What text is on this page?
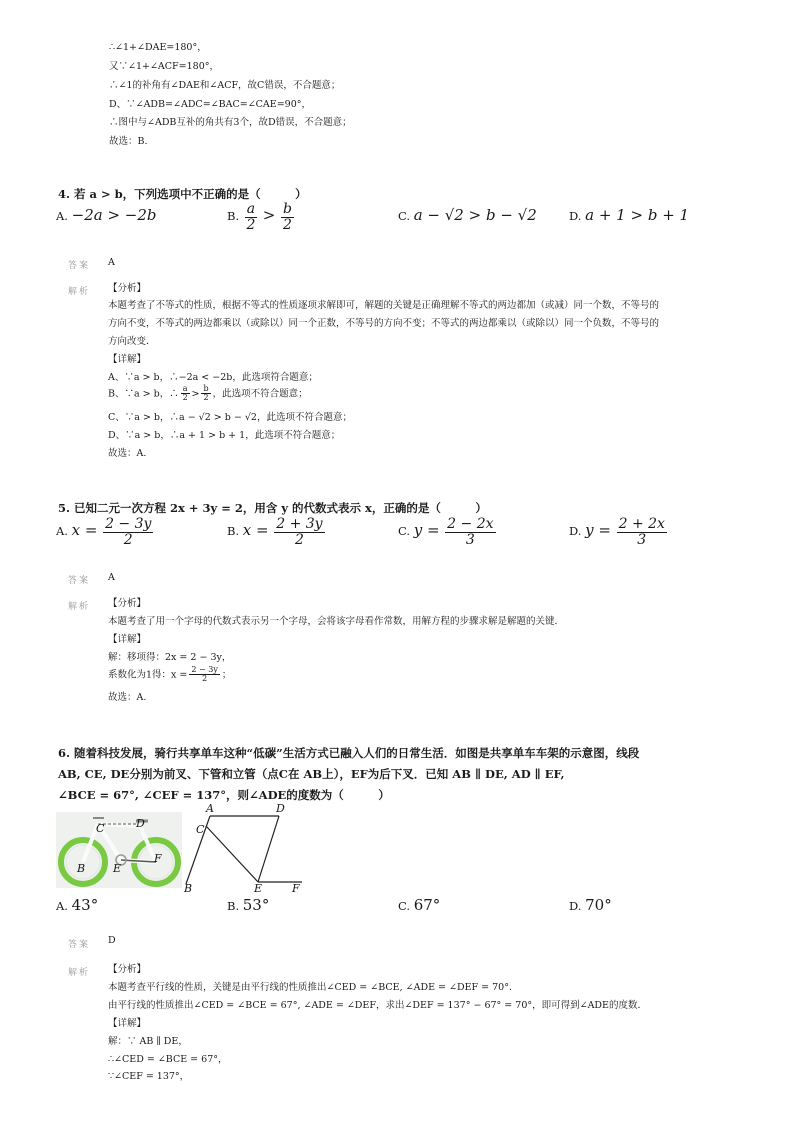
∴∠1+∠DAE=180°，
又∵∠1+∠ACF=180°，
∴∠1的补角有∠DAE和∠ACF，故C错误，不合题意；
D、∵∠ADB=∠ADC=∠BAC=∠CAE=90°，
∴图中与∠ADB互补的角共有3个，故D错误，不合题意；
故选：B.
4. 若 a > b，下列选项中不正确的是（　　　）
A. −2a > −2b	B. $\frac{a}{2} > \frac{b}{2}$	C. a − √2 > b − √2	D. a + 1 > b + 1
答案 A
解析 【分析】
本题考查了不等式的性质，根据不等式的性质逐项求解即可，解题的关键是正确理解不等式的两边都加（或减）同一个数，不等号的
方向不变，不等式的两边都乘以（或除以）同一个正数，不等号的方向不变；不等式的两边都乘以（或除以）同一个负数，不等号的
方向改变．
【详解】
A、∵a > b，∴−2a < −2b，此选项符合题意；
B、∵a > b，∴ $\frac{a}{2} > \frac{b}{2}$ ，此选项不符合题意；
C、∵a > b，∴a − √2 > b − √2，此选项不符合题意；
D、∵a > b，∴a + 1 > b + 1，此选项不符合题意；
故选：A.
5. 已知二元一次方程 2x + 3y = 2，用含 y 的代数式表示 x，正确的是（　　　）
A. $x = \frac{2 - 3y}{2}$	B. $x = \frac{2 + 3y}{2}$	C. $y = \frac{2 - 2x}{3}$	D. $y = \frac{2 + 2x}{3}$
答案 A
解析 【分析】
本题考查了用一个字母的代数式表示另一个字母，会将该字母看作常数，用解方程的步骤求解是解题的关键．
【详解】
解：移项得：2x = 2 − 3y，
系数化为1得：$x = \frac{2 - 3y}{2}$ ；
故选：A.
6. 随着科技发展，骑行共享单车这种“低碳”生活方式已融入人们的日常生活．如图是共享单车车架的示意图，线段
AB, CE, DE分别为前叉、下管和立管（点C在 AB上），EF为后下叉．已知 AB ∥ DE, AD ∥ EF,
∠BCE = 67°, ∠CEF = 137°，则∠ADE的度数为（　　　）
C	D
B	E
F
A	D
C
B	E	F
A. 43°	B. 53°	C. 67°	D. 70°
答案 D
解析 【分析】
本题考查平行线的性质，关键是由平行线的性质推出∠CED = ∠BCE, ∠ADE = ∠DEF = 70°．
由平行线的性质推出∠CED = ∠BCE = 67°, ∠ADE = ∠DEF，求出∠DEF = 137° − 67° = 70°，即可得到∠ADE的度数．
【详解】
解：∵ AB ∥ DE，
∴∠CED = ∠BCE = 67°，
∵∠CEF = 137°，
